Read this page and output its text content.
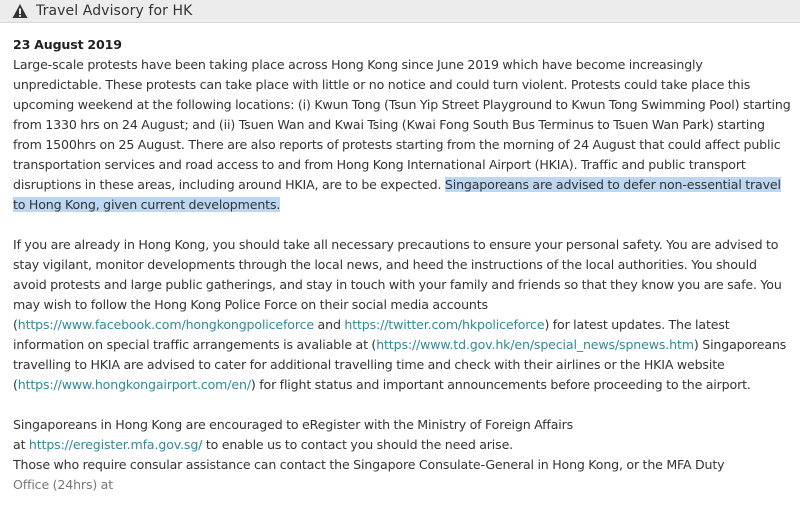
Travel Advisory for HK

23 August 2019

Large-scale protests have been taking place across Hong Kong since June 2019 which have become increasingly unpredictable. These protests can take place with little or no notice and could turn violent. Protests could take place this upcoming weekend at the following locations: (i) Kwun Tong (Tsun Yip Street Playground to Kwun Tong Swimming Pool) starting from 1330 hrs on 24 August; and (ii) Tsuen Wan and Kwai Tsing (Kwai Fong South Bus Terminus to Tsuen Wan Park) starting from 1500hrs on 25 August. There are also reports of protests starting from the morning of 24 August that could affect public transportation services and road access to and from Hong Kong International Airport (HKIA). Traffic and public transport disruptions in these areas, including around HKIA, are to be expected. Singaporeans are advised to defer non-essential travel to Hong Kong, given current developments.

If you are already in Hong Kong, you should take all necessary precautions to ensure your personal safety. You are advised to stay vigilant, monitor developments through the local news, and heed the instructions of the local authorities. You should avoid protests and large public gatherings, and stay in touch with your family and friends so that they know you are safe. You may wish to follow the Hong Kong Police Force on their social media accounts (https://www.facebook.com/hongkongpoliceforce and https://twitter.com/hkpoliceforce) for latest updates. The latest information on special traffic arrangements is avaliable at (https://www.td.gov.hk/en/special_news/spnews.htm) Singaporeans travelling to HKIA are advised to cater for additional travelling time and check with their airlines or the HKIA website (https://www.hongkongairport.com/en/) for flight status and important announcements before proceeding to the airport.

Singaporeans in Hong Kong are encouraged to eRegister with the Ministry of Foreign Affairs
at https://eregister.mfa.gov.sg/ to enable us to contact you should the need arise.
Those who require consular assistance can contact the Singapore Consulate-General in Hong Kong, or the MFA Duty
Office (24hrs) at
